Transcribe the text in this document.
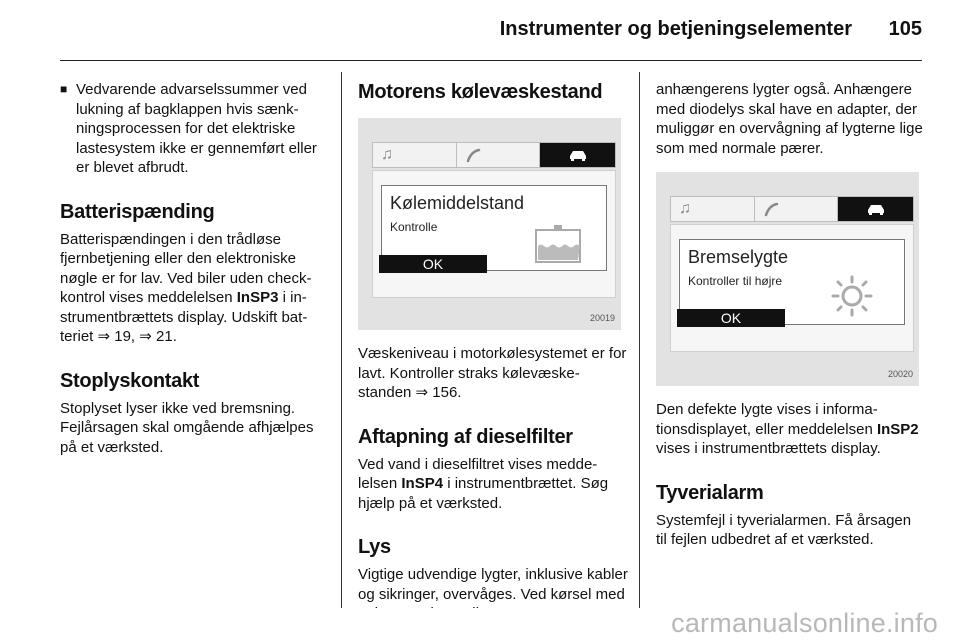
Instrumenter og betjeningselementer 105
■ Vedvarende advarselssummer ved lukning af bagklappen hvis sænkningsprocessen for det elektriske lastesystem ikke er gennemført eller er blevet afbrudt.

Batterispænding

Batterispændingen i den trådløse fjernbetjening eller den elektroniske nøgle er for lav. Ved biler uden checkkontrol vises meddelelsen InSP3 i instrumentbrættets display. Udskift batteriet ⇒ 19, ⇒ 21.

Stoplyskontakt

Stoplyset lyser ikke ved bremsning. Fejlårsagen skal omgående afhjælpes på et værksted.

Motorens kølevæskestand
♫
Kølemiddelstand
Kontrolle
OK
20019

Væskeniveau i motorkølesystemet er for lavt. Kontroller straks kølevæskestanden ⇒ 156.

Aftapning af dieselfilter

Ved vand i dieselfiltret vises meddelelsen InSP4 i instrumentbrættet. Søg hjælp på et værksted.

Lys

Vigtige udvendige lygter, inklusive kabler og sikringer, overvåges. Ved kørsel med

anhængerens lygter også. Anhængere med diodelys skal have en adapter, der muliggør en overvågning af lygterne lige som med normale pærer.

♫
Bremselygte
Kontroller til højre
OK
20020

Den defekte lygte vises i informationsdisplayet, eller meddelelsen InSP2 vises i instrumentbrættets display.

Tyverialarm

Systemfejl i tyverialarmen. Få årsagen til fejlen udbedret af et værksted.

carmanualsonline.info
